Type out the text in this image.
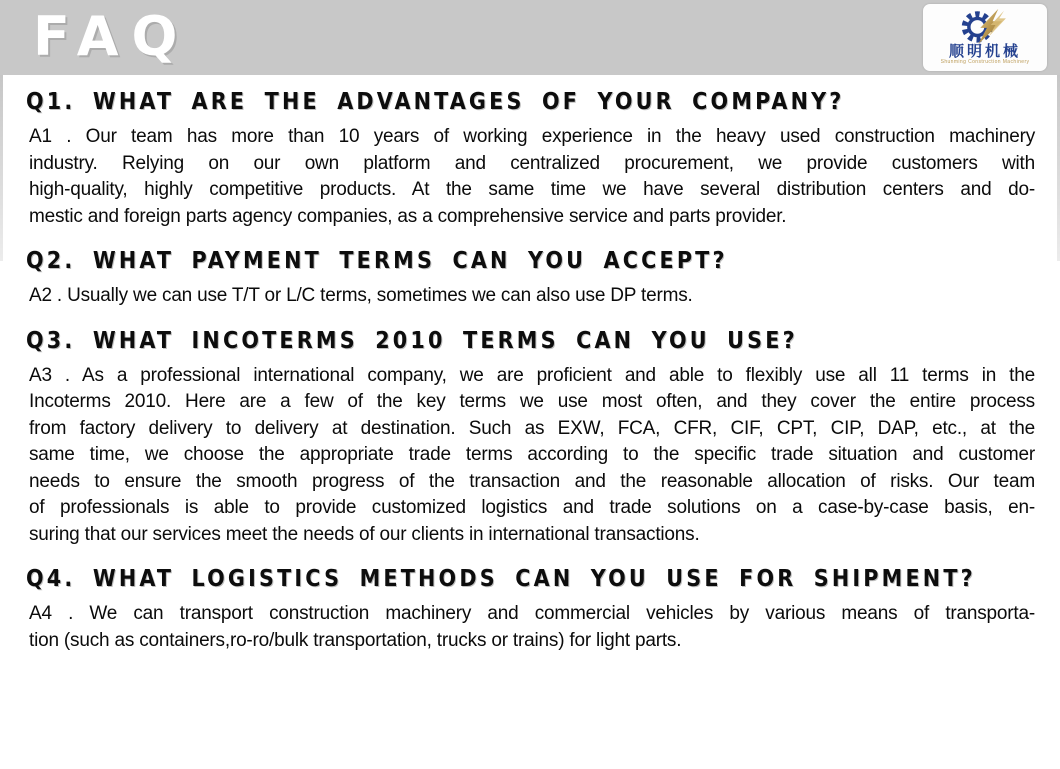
FAQ	顺明机械
Shunming Construction Machinery
Q1. WHAT ARE THE ADVANTAGES OF YOUR COMPANY?

A1 . Our team has more than 10 years of working experience in the heavy used construction machinery
industry. Relying on our own platform and centralized procurement, we provide customers with
high-quality, highly competitive products. At the same time we have several distribution centers and do-
mestic and foreign parts agency companies, as a comprehensive service and parts provider.

Q2. WHAT PAYMENT TERMS CAN YOU ACCEPT?

A2 . Usually we can use T/T or L/C terms, sometimes we can also use DP terms.

Q3. WHAT INCOTERMS 2010 TERMS CAN YOU USE?

A3 . As a professional international company, we are proficient and able to flexibly use all 11 terms in the
Incoterms 2010. Here are a few of the key terms we use most often, and they cover the entire process
from factory delivery to delivery at destination. Such as EXW, FCA, CFR, CIF, CPT, CIP, DAP, etc., at the
same time, we choose the appropriate trade terms according to the specific trade situation and customer
needs to ensure the smooth progress of the transaction and the reasonable allocation of risks. Our team
of professionals is able to provide customized logistics and trade solutions on a case-by-case basis, en-
suring that our services meet the needs of our clients in international transactions.

Q4. WHAT LOGISTICS METHODS CAN YOU USE FOR SHIPMENT?

A4 . We can transport construction machinery and commercial vehicles by various means of transporta-
tion (such as containers,ro-ro/bulk transportation, trucks or trains) for light parts.
